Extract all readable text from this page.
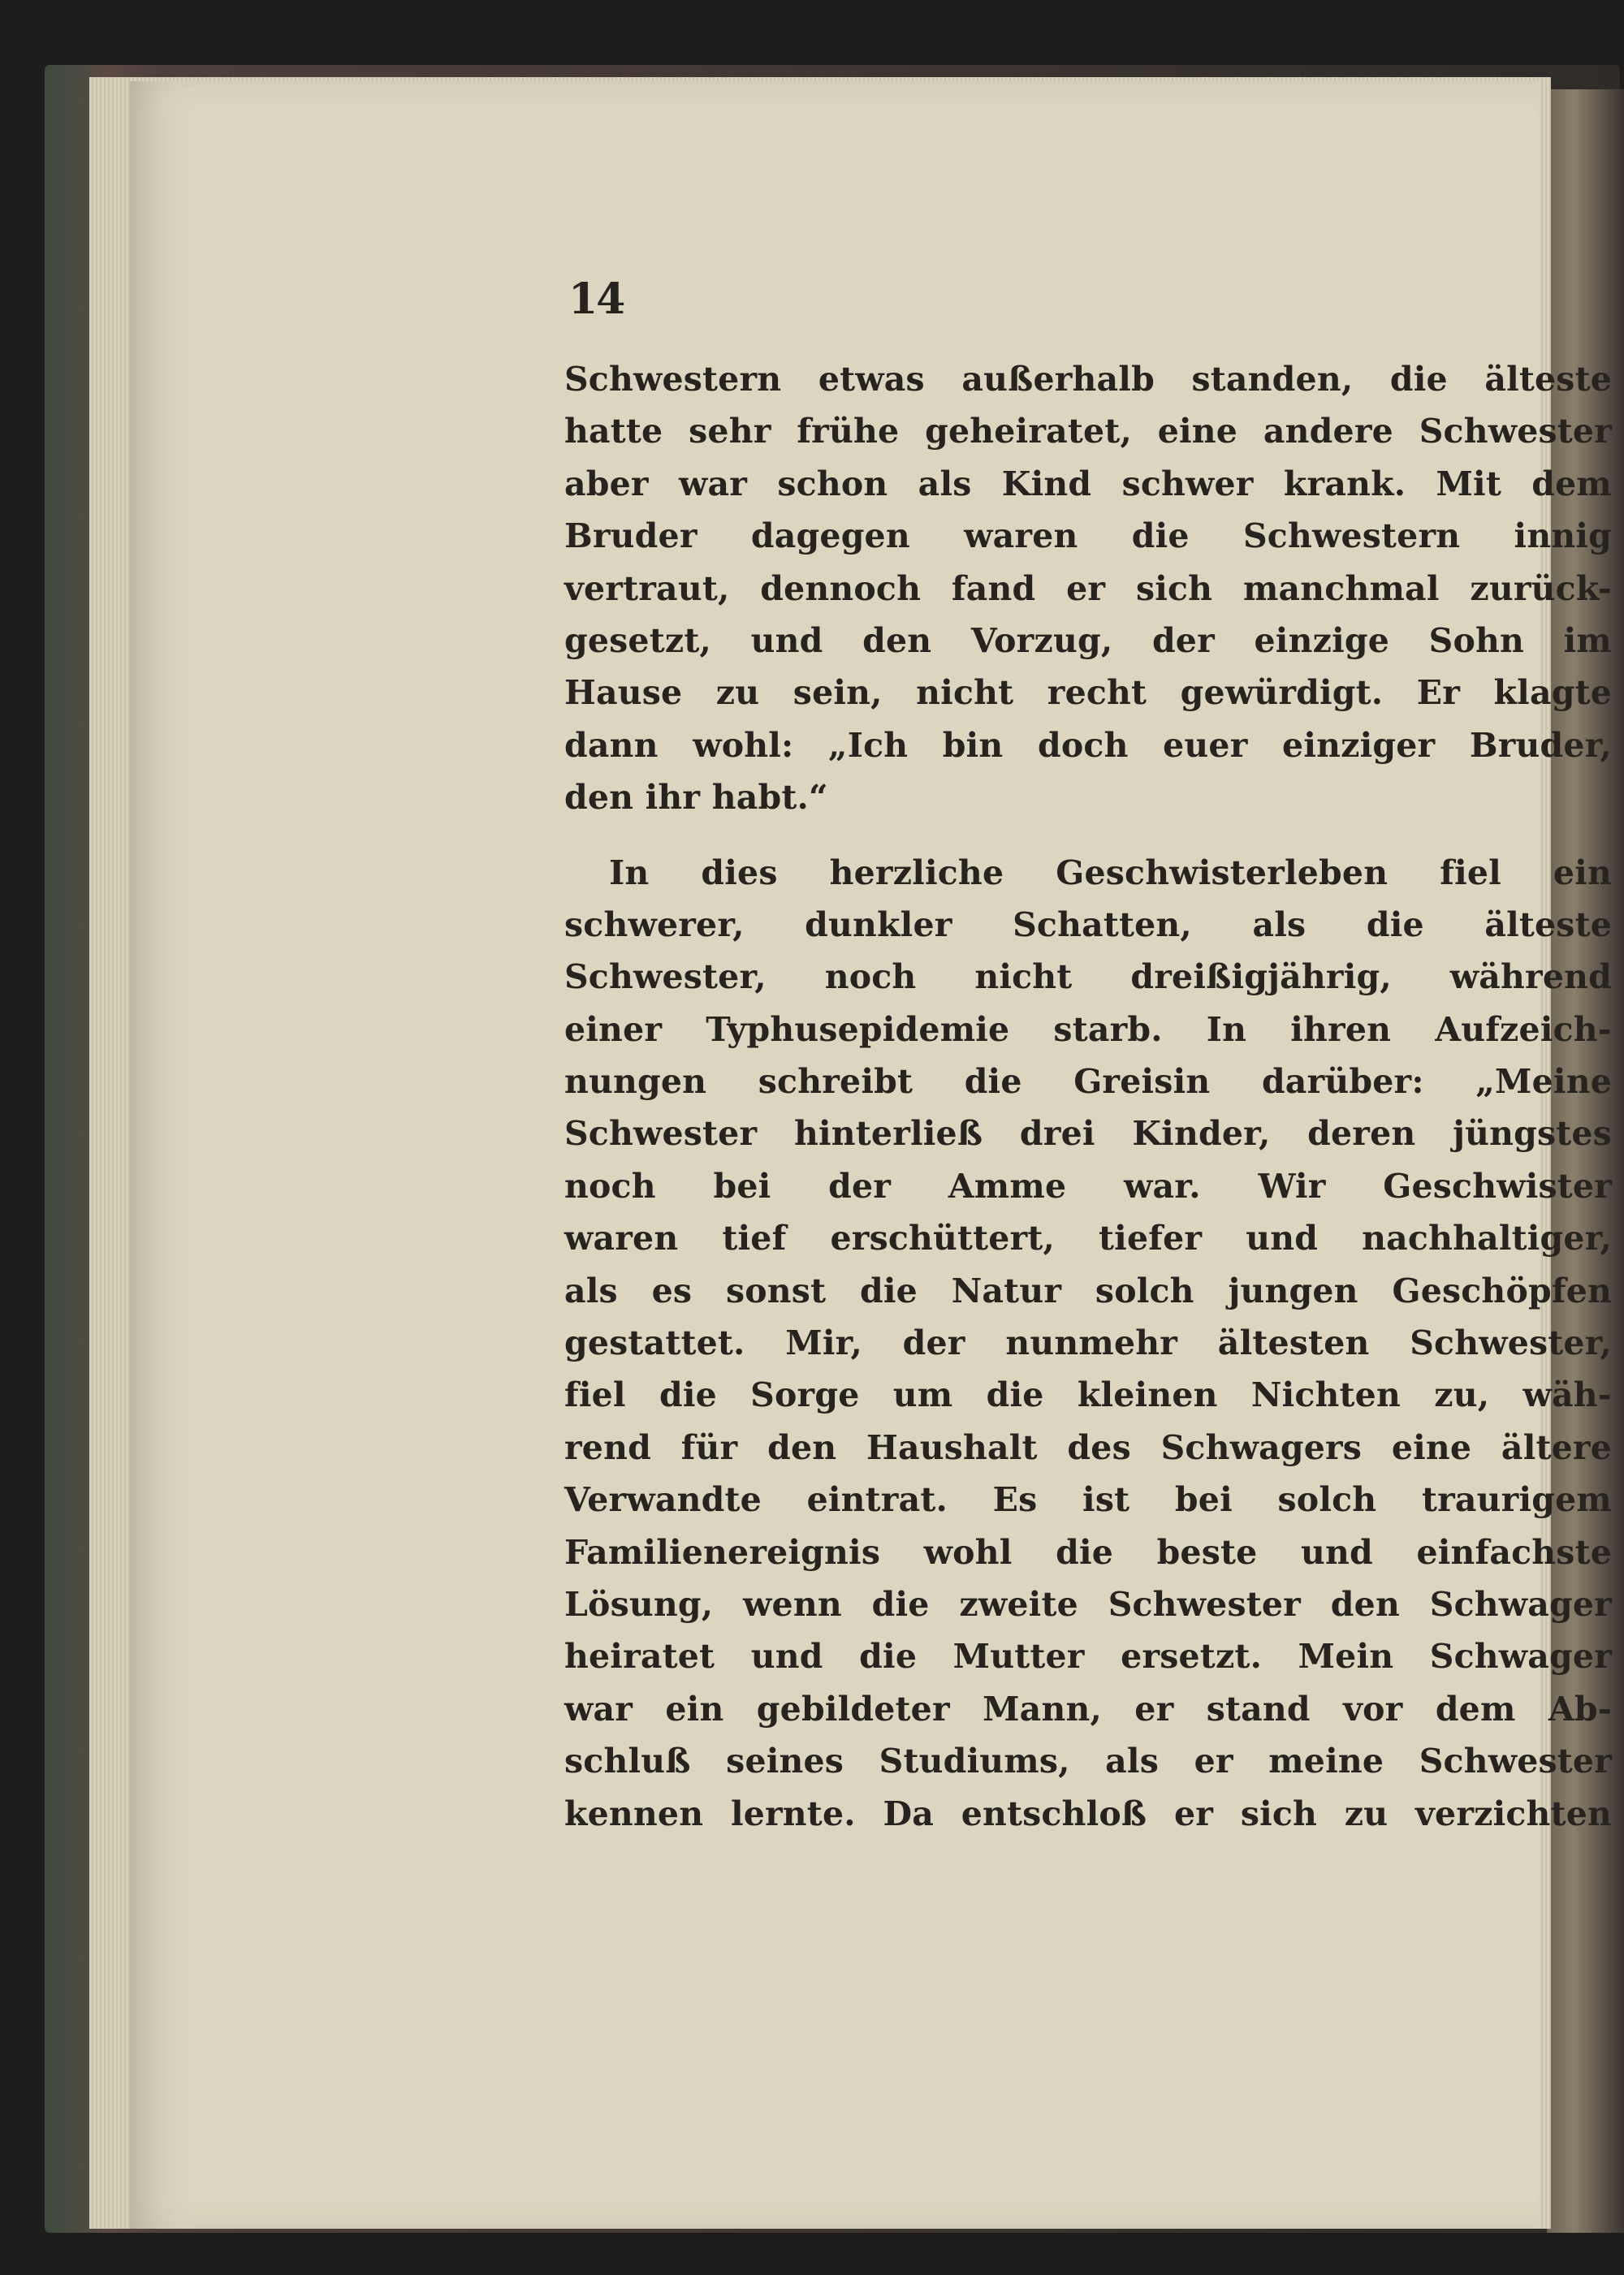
14
Schwestern etwas außerhalb standen, die älteste
hatte sehr frühe geheiratet, eine andere Schwester
aber war schon als Kind schwer krank. Mit dem
Bruder dagegen waren die Schwestern innig
vertraut, dennoch fand er sich manchmal zurück-
gesetzt, und den Vorzug, der einzige Sohn im
Hause zu sein, nicht recht gewürdigt. Er klagte
dann wohl: „Ich bin doch euer einziger Bruder,
den ihr habt.“
In dies herzliche Geschwisterleben fiel ein
schwerer, dunkler Schatten, als die älteste
Schwester, noch nicht dreißigjährig, während
einer Typhusepidemie starb. In ihren Aufzeich-
nungen schreibt die Greisin darüber: „Meine
Schwester hinterließ drei Kinder, deren jüngstes
noch bei der Amme war. Wir Geschwister
waren tief erschüttert, tiefer und nachhaltiger,
als es sonst die Natur solch jungen Geschöpfen
gestattet. Mir, der nunmehr ältesten Schwester,
fiel die Sorge um die kleinen Nichten zu, wäh-
rend für den Haushalt des Schwagers eine ältere
Verwandte eintrat. Es ist bei solch traurigem
Familienereignis wohl die beste und einfachste
Lösung, wenn die zweite Schwester den Schwager
heiratet und die Mutter ersetzt. Mein Schwager
war ein gebildeter Mann, er stand vor dem Ab-
schluß seines Studiums, als er meine Schwester
kennen lernte. Da entschloß er sich zu verzichten
